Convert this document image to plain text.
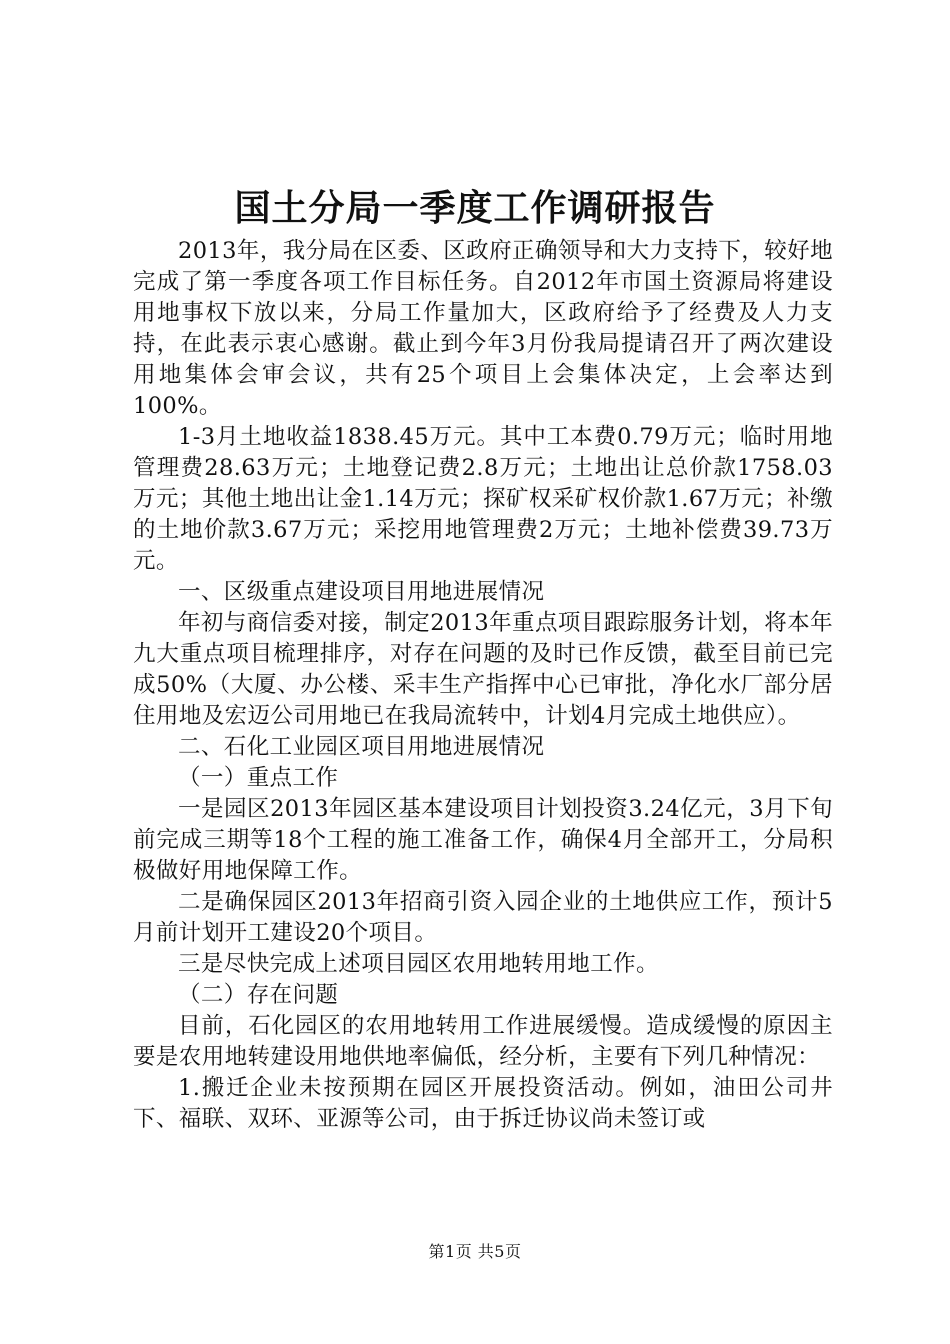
国土分局一季度工作调研报告

2013年，我分局在区委、区政府正确领导和大力支持下，较好地完成了第一季度各项工作目标任务。自2012年市国土资源局将建设用地事权下放以来，分局工作量加大，区政府给予了经费及人力支持，在此表示衷心感谢。截止到今年3月份我局提请召开了两次建设用地集体会审会议，共有25个项目上会集体决定，上会率达到100%。

1-3月土地收益1838.45万元。其中工本费0.79万元；临时用地管理费28.63万元；土地登记费2.8万元；土地出让总价款1758.03万元；其他土地出让金1.14万元；探矿权采矿权价款1.67万元；补缴的土地价款3.67万元；采挖用地管理费2万元；土地补偿费39.73万元。

一、区级重点建设项目用地进展情况

年初与商信委对接，制定2013年重点项目跟踪服务计划，将本年九大重点项目梳理排序，对存在问题的及时已作反馈，截至目前已完成50%（大厦、办公楼、采丰生产指挥中心已审批，净化水厂部分居住用地及宏迈公司用地已在我局流转中，计划4月完成土地供应）。

二、石化工业园区项目用地进展情况

（一）重点工作

一是园区2013年园区基本建设项目计划投资3.24亿元，3月下旬前完成三期等18个工程的施工准备工作，确保4月全部开工，分局积极做好用地保障工作。

二是确保园区2013年招商引资入园企业的土地供应工作，预计5月前计划开工建设20个项目。

三是尽快完成上述项目园区农用地转用地工作。

（二）存在问题

目前，石化园区的农用地转用工作进展缓慢。造成缓慢的原因主要是农用地转建设用地供地率偏低，经分析，主要有下列几种情况：

1.搬迁企业未按预期在园区开展投资活动。例如，油田公司井下、福联、双环、亚源等公司，由于拆迁协议尚未签订或

第1页 共5页
